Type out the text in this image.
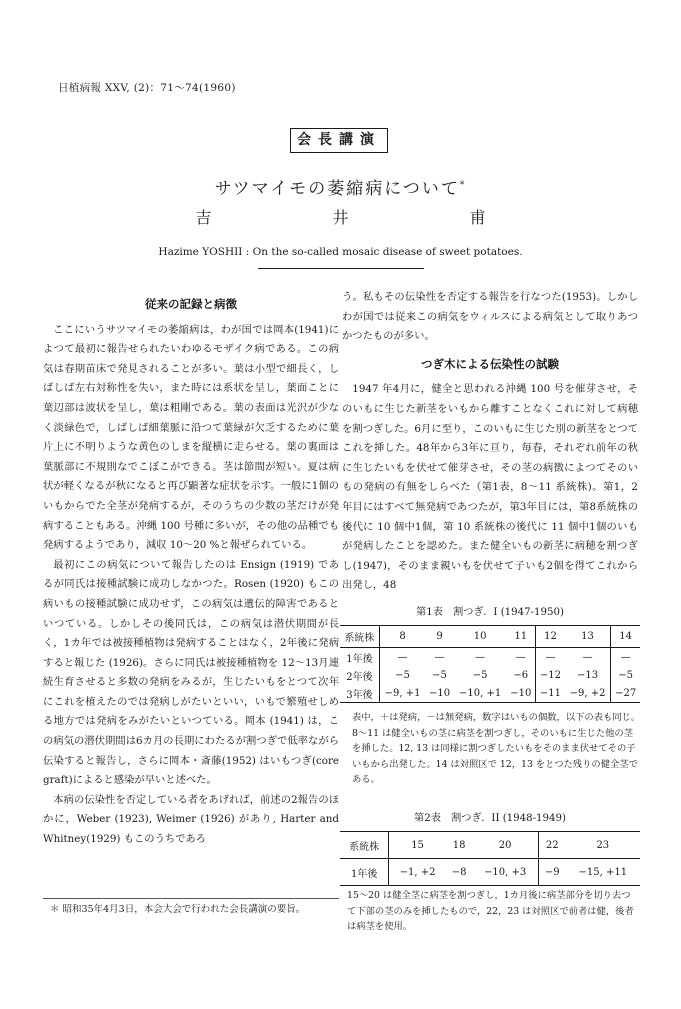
日植病報 XXV, (2)：71～74(1960)
会長講演
サツマイモの萎縮病について*
吉 井 甫
Hazime YOSHII : On the so-called mosaic disease of sweet potatoes.
従来の記録と病徴

ここにいうサツマイモの萎縮病は，わが国では岡本(1941)によつて最初に報告せられたいわゆるモザイク病である。この病気は春期苗床で発見されることが多い。葉は小型で細長く，しばしば左右対称性を失い，また時には系状を呈し，葉面ことに葉辺部は波状を呈し，葉は粗剛である。葉の表面は光沢が少なく淡緑色で，しばしば細葉脈に沿つて葉緑が欠乏するために葉片上に不明りような黄色のしまを縦横に走らせる。葉の裏面は葉脈部に不規則なでこぼこができる。茎は節間が短い。夏は病状が軽くなるが秋になると再び顕著な症状を示す。一般に1個のいもからでた全茎が発病するが，そのうちの少数の茎だけが発病することもある。沖縄 100 号種に多いが，その他の品種でも発病するようであり，減収 10～20 %と報ぜられている。

最初にこの病気について報告したのは Ensign (1919) であるが同氏は接種試験に成功しなかつた。Rosen (1920) もこの病いもの接種試験に成功せず，この病気は遺伝的障害であるといつている。しかしその後同氏は，この病気は潜伏期間が長く，1カ年では被接種植物は発病することはなく，2年後に発病すると報じた (1926)。さらに同氏は被接種植物を 12～13月連続生育させると多数の発病をみるが，生じたいもをとつて次年にこれを植えたのでは発病しがたいといい，いもで繁殖せしめる地方では発病をみがたいといつている。岡本 (1941) は，この病気の潜伏期間は6カ月の長期にわたるが割つぎで低率ながら伝染すると報告し，さらに岡本・斎藤(1952) はいもつぎ(core graft)によると感染が早いと述べた。

本病の伝染性を否定している者をあげれば，前述の2報告のほかに，Weber (1923), Weimer (1926) があり, Harter and Whitney(1929) もこのうちであろ

＊ 昭和35年4月3日，本会大会で行われた会長講演の要旨。

う。私もその伝染性を否定する報告を行なつた(1953)。しかしわが国では従来この病気をウィルスによる病気として取りあつかつたものが多い。

つぎ木による伝染性の試験

1947 年4月に，健全と思われる沖縄 100 号を催芽させ，そのいもに生じた新茎をいもから離すことなくこれに対して病穂を割つぎした。6月に至り，このいもに生じた別の新茎をとつてこれを挿した。48年から3年に亘り，毎春，それぞれ前年の秋に生じたいもを伏せて催芽させ，その茎の病徴によつてそのいもの発病の有無をしらべた（第1表，8～11 系統株)。第1，2 年目にはすべて無発病であつたが，第3年目には，第8系統株の後代に 10 個中1個，第 10 系統株の後代に 11 個中1個のいもが発病したことを認めた。また健全いもの新茎に病穂を割つぎし(1947)，そのまま親いもを伏せて子いも2個を得てこれから出発し，48

第1表　割つぎ．I (1947-1950)
系統株	8	9	10	11	12	13	14
1年後	—	—	—	—	—	—	—
2年後	−5	−5	−5	−6	−12	−13	−5
3年後	−9, +1	−10	−10, +1	−10	−11	−9, +2	−27
表中，＋は発病，－は無発病，数字はいもの個数，以下の表も同じ。
8～11 は健全いもの茎に病茎を割つぎし，そのいもに生じた他の茎を挿した。12, 13 は同様に割つぎしたいもをそのまま伏せてその子いもから出発した。14 は対照区で 12，13 をとつた残りの健全茎である。
第2表　割つぎ．II (1948-1949)
系統株	15	18	20	22	23
1年後	−1, +2	−8	−10, +3	−9	−15, +11
15～20 は健全茎に病茎を割つぎし，1カ月後に病茎部分を切り去つて下部の茎のみを挿したもので，22，23 は対照区で前者は健，後者は病茎を使用。
